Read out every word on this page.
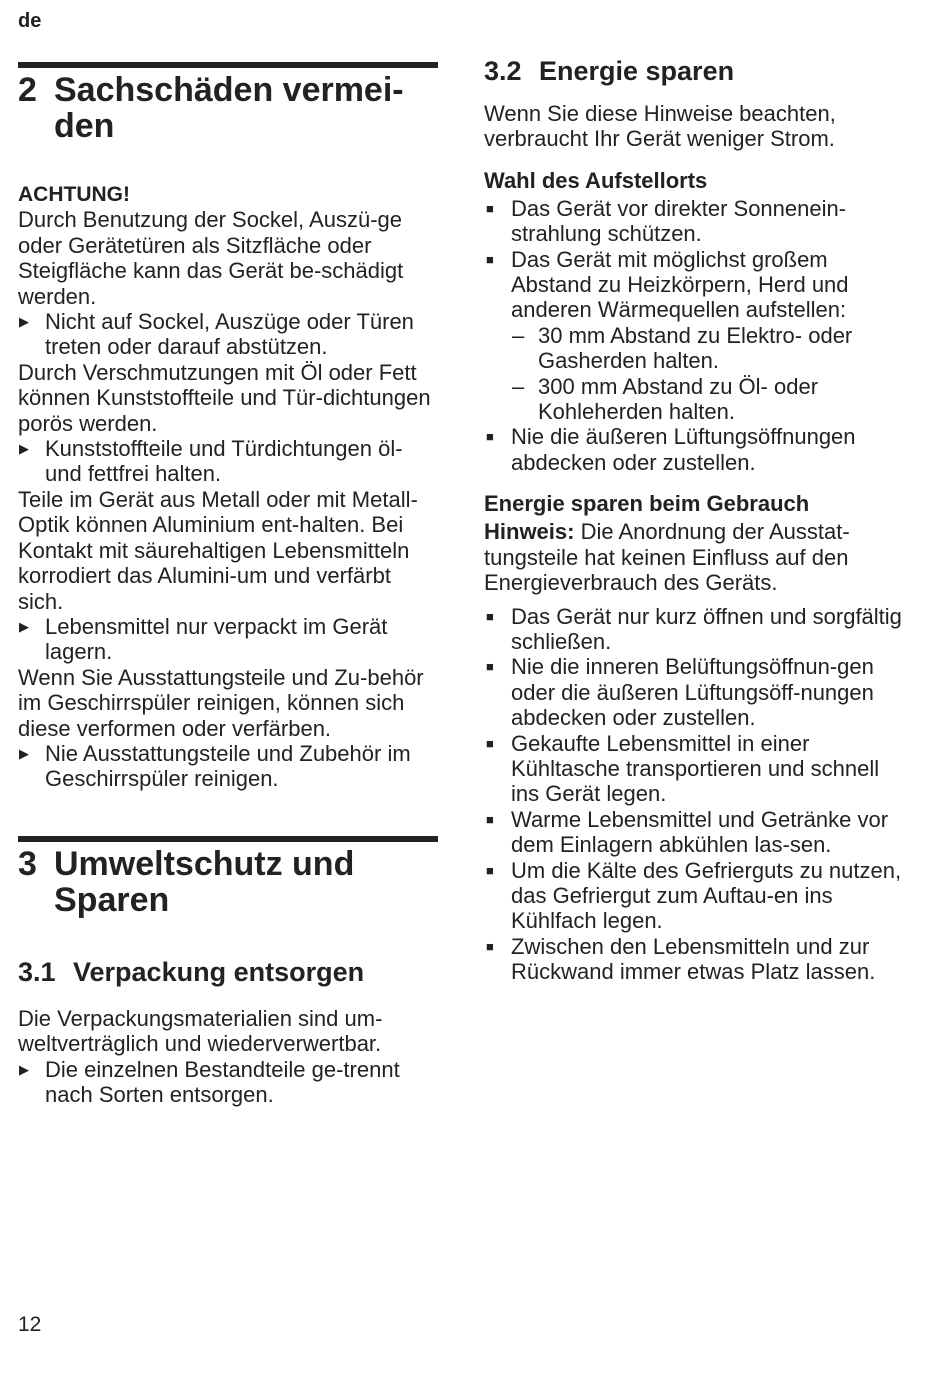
de
2 Sachschäden vermei-den

ACHTUNG!

Durch Benutzung der Sockel, Auszü-ge oder Gerätetüren als Sitzfläche oder Steigfläche kann das Gerät be-schädigt werden.

▶ Nicht auf Sockel, Auszüge oder Türen treten oder darauf abstützen.

Durch Verschmutzungen mit Öl oder Fett können Kunststoffteile und Tür-dichtungen porös werden.

▶ Kunststoffteile und Türdichtungen öl- und fettfrei halten.

Teile im Gerät aus Metall oder mit Metall-Optik können Aluminium ent-halten. Bei Kontakt mit säurehaltigen Lebensmitteln korrodiert das Alumini-um und verfärbt sich.

▶ Lebensmittel nur verpackt im Gerät lagern.

Wenn Sie Ausstattungsteile und Zu-behör im Geschirrspüler reinigen, können sich diese verformen oder verfärben.

▶ Nie Ausstattungsteile und Zubehör im Geschirrspüler reinigen.
3 Umweltschutz und Sparen
3.1 Verpackung entsorgen

Die Verpackungsmaterialien sind um-weltverträglich und wiederverwertbar.

▶ Die einzelnen Bestandteile ge-trennt nach Sorten entsorgen.
3.2 Energie sparen

Wenn Sie diese Hinweise beachten, verbraucht Ihr Gerät weniger Strom.

Wahl des Aufstellorts
■ Das Gerät vor direkter Sonnenein-strahlung schützen.
■ Das Gerät mit möglichst großem Abstand zu Heizkörpern, Herd und anderen Wärmequellen aufstellen:
– 30 mm Abstand zu Elektro- oder Gasherden halten.
– 300 mm Abstand zu Öl- oder Kohleherden halten.
■ Nie die äußeren Lüftungsöffnungen abdecken oder zustellen.
Energie sparen beim Gebrauch

Hinweis: Die Anordnung der Ausstat-tungsteile hat keinen Einfluss auf den Energieverbrauch des Geräts.

■ Das Gerät nur kurz öffnen und sorgfältig schließen.
■ Nie die inneren Belüftungsöffnun-gen oder die äußeren Lüftungsöff-nungen abdecken oder zustellen.
■ Gekaufte Lebensmittel in einer Kühltasche transportieren und schnell ins Gerät legen.
■ Warme Lebensmittel und Getränke vor dem Einlagern abkühlen las-sen.
■ Um die Kälte des Gefrierguts zu nutzen, das Gefriergut zum Auftau-en ins Kühlfach legen.
■ Zwischen den Lebensmitteln und zur Rückwand immer etwas Platz lassen.
12
